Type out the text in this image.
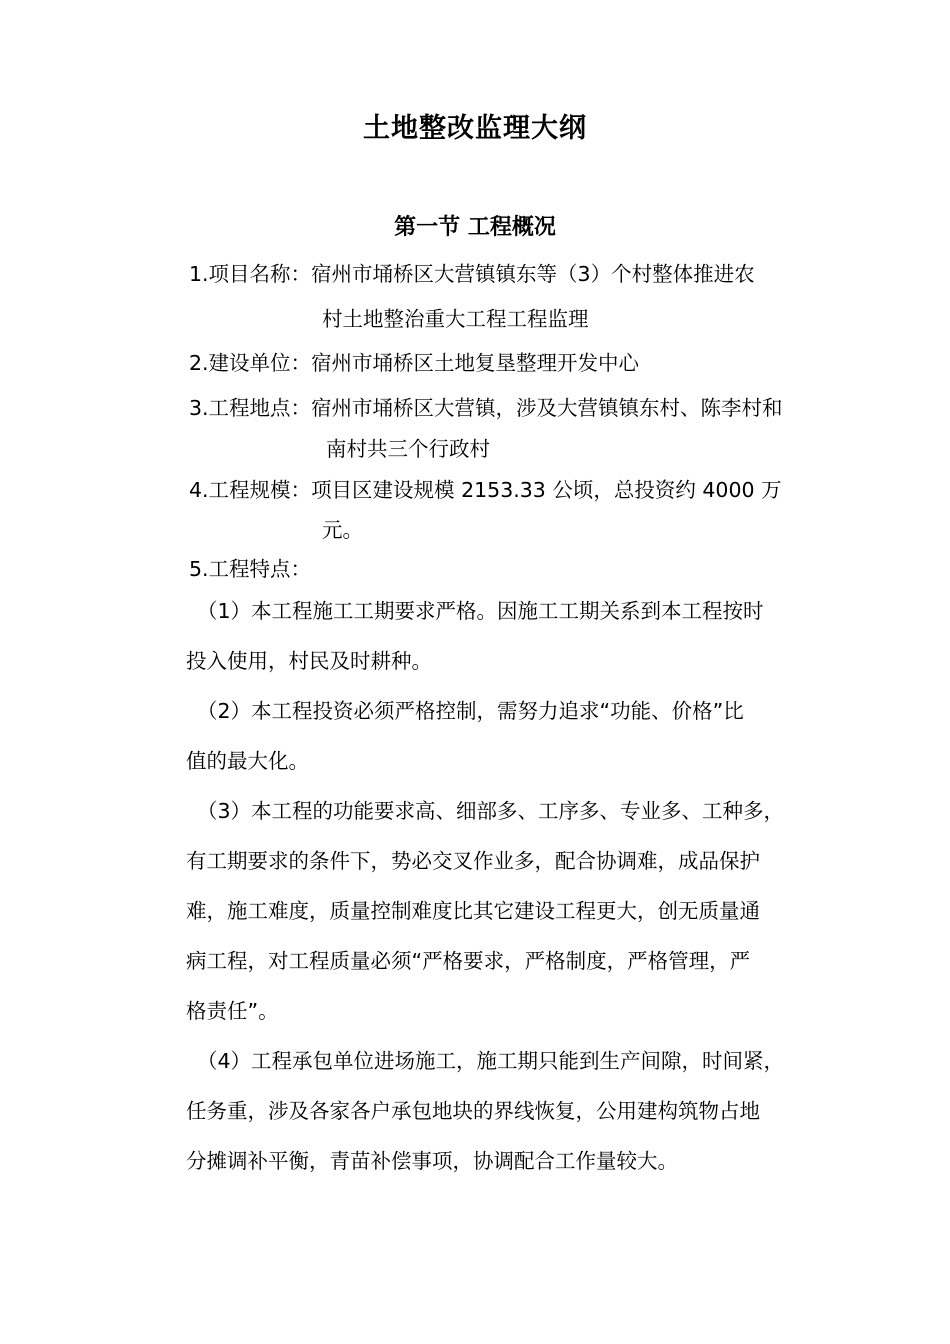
土地整改监理大纲
第一节 工程概况
1.项目名称：宿州市埇桥区大营镇镇东等（3）个村整体推进农
村土地整治重大工程工程监理
2.建设单位：宿州市埇桥区土地复垦整理开发中心
3.工程地点：宿州市埇桥区大营镇，涉及大营镇镇东村、陈李村和
南村共三个行政村
4.工程规模：项目区建设规模 2153.33 公顷，总投资约 4000 万
元。
5.工程特点：
（1）本工程施工工期要求严格。因施工工期关系到本工程按时
投入使用，村民及时耕种。
（2）本工程投资必须严格控制，需努力追求“功能、价格”比
值的最大化。
（3）本工程的功能要求高、细部多、工序多、专业多、工种多，
有工期要求的条件下，势必交叉作业多，配合协调难，成品保护
难，施工难度，质量控制难度比其它建设工程更大，创无质量通
病工程，对工程质量必须“严格要求，严格制度，严格管理，严
格责任”。
（4）工程承包单位进场施工，施工期只能到生产间隙，时间紧，
任务重，涉及各家各户承包地块的界线恢复，公用建构筑物占地
分摊调补平衡，青苗补偿事项，协调配合工作量较大。
